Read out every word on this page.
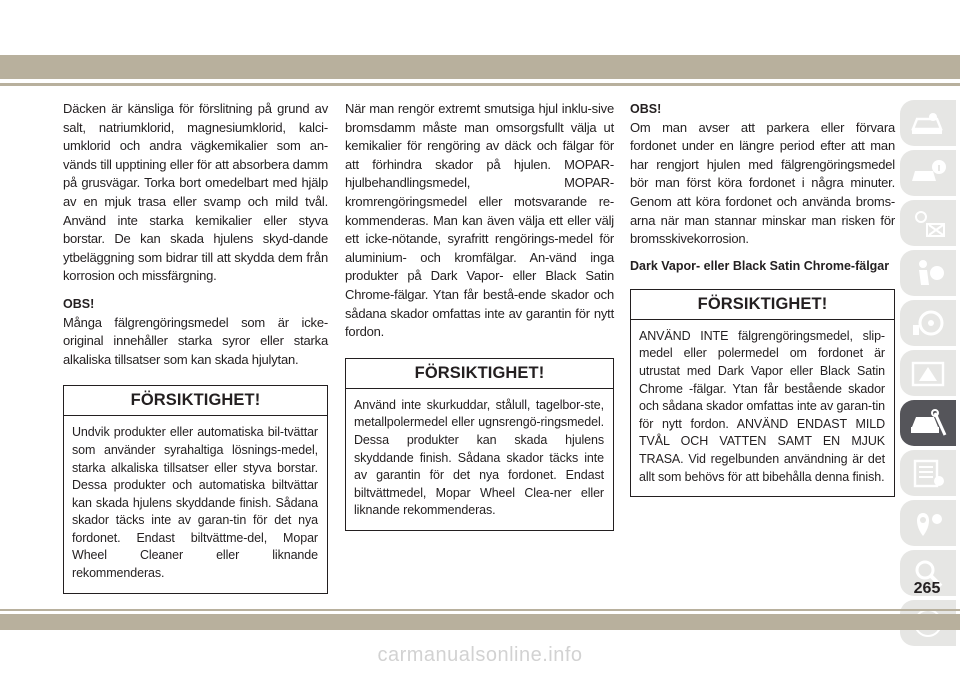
Däcken är känsliga för förslitning på grund av salt, natriumklorid, magnesiumklorid, kalci-umklorid och andra vägkemikalier som an-vänds till upptining eller för att absorbera damm på grusvägar. Torka bort omedelbart med hjälp av en mjuk trasa eller svamp och mild tvål. Använd inte starka kemikalier eller styva borstar. De kan skada hjulens skyd-dande ytbeläggning som bidrar till att skydda dem från korrosion och missfärgning.

OBS!

Många fälgrengöringsmedel som är icke-original innehåller starka syror eller starka alkaliska tillsatser som kan skada hjulytan.

FÖRSIKTIGHET!
Undvik produkter eller automatiska bil-tvättar som använder syrahaltiga lösnings-medel, starka alkaliska tillsatser eller styva borstar. Dessa produkter och automatiska biltvättar kan skada hjulens skyddande finish. Sådana skador täcks inte av garan-tin för det nya fordonet. Endast biltvättme-del, Mopar Wheel Cleaner eller liknande rekommenderas.

När man rengör extremt smutsiga hjul inklu-sive bromsdamm måste man omsorgsfullt välja ut kemikalier för rengöring av däck och fälgar för att förhindra skador på hjulen. MOPAR-hjulbehandlingsmedel, MOPAR-kromrengöringsmedel eller motsvarande re-kommenderas. Man kan även välja ett eller välj ett icke-nötande, syrafritt rengörings-medel för aluminium- och kromfälgar. An-vänd inga produkter på Dark Vapor- eller Black Satin Chrome-fälgar. Ytan får bestå-ende skador och sådana skador omfattas inte av garantin för nytt fordon.

FÖRSIKTIGHET!
Använd inte skurkuddar, stålull, tagelbor-ste, metallpolermedel eller ugnsrengö-ringsmedel. Dessa produkter kan skada hjulens skyddande finish. Sådana skador täcks inte av garantin för det nya fordonet. Endast biltvättmedel, Mopar Wheel Clea-ner eller liknande rekommenderas.
OBS!

Om man avser att parkera eller förvara fordonet under en längre period efter att man har rengjort hjulen med fälgrengöringsmedel bör man först köra fordonet i några minuter. Genom att köra fordonet och använda broms-arna när man stannar minskar man risken för bromsskivekorrosion.

Dark Vapor- eller Black Satin Chrome-fälgar
FÖRSIKTIGHET!
ANVÄND INTE fälgrengöringsmedel, slip-medel eller polermedel om fordonet är utrustat med Dark Vapor eller Black Satin Chrome -fälgar. Ytan får bestående skador och sådana skador omfattas inte av garan-tin för nytt fordon. ANVÄND ENDAST MILD TVÅL OCH VATTEN SAMT EN MJUK TRASA. Vid regelbunden användning är det allt som behövs för att bibehålla denna finish.
265
carmanualsonline.info
